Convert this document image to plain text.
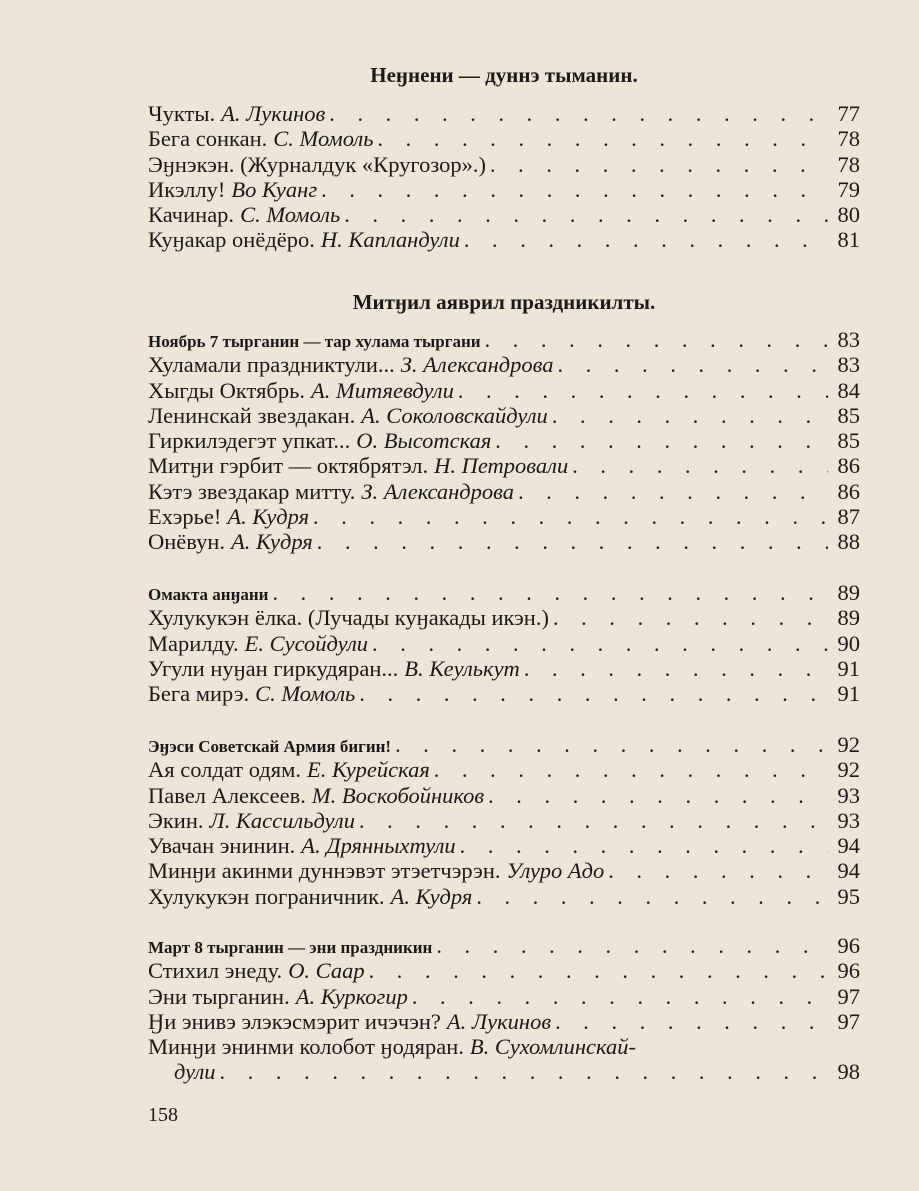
Неӈнени — дуннэ тыманин.
Чукты. А. Лукинов . . .	77
Бега сонкан. С. Момоль . . .	78
Эӈнэкэн. (Журналдук «Кругозор».) . . .	78
Икэллу! Во Куанг . . .	79
Качинар. С. Момоль . . .	80
Куӈакар онёдёро. Н. Капландули . . .	81
Митӈил аяврил праздникилты.
Ноябрь 7 тырганин — тар хулама тыргани . . .	83
Хуламали праздниктули... З. Александрова . . .	83
Хыгды Октябрь. А. Митяевдули . . .	84
Ленинскай звездакан. А. Соколовскайдули . . .	85
Гиркилэдегэт упкат... О. Высотская . . .	85
Митӈи гэрбит — октябрятэл. Н. Петровали . . .	86
Кэтэ звездакар митту. З. Александрова . . .	86
Ехэрье! А. Кудря . . .	87
Онёвун. А. Кудря . . .	88
Омакта анӈани . . .	89
Хулукукэн ёлка. (Лучады куӈакады икэн.) . . .	89
Марилду. Е. Сусойдули . . .	90
Угули нуӈан гиркудяран... В. Кеулькут . . .	91
Бега мирэ. С. Момоль . . .	91
Эӈэси Советскай Армия бигин! . . .	92
Ая солдат одям. Е. Курейская . . .	92
Павел Алексеев. М. Воскобойников . . .	93
Экин. Л. Кассильдули . . .	93
Увачан энинин. А. Дрянныхтули . . .	94
Минӈи акинми дуннэвэт этэетчэрэн. Улуро Адо . . .	94
Хулукукэн пограничник. А. Кудря . . .	95
Март 8 тырганин — эни праздникин . . .	96
Стихил энеду. О. Саар . . .	96
Эни тырганин. А. Куркогир . . .	97
Ӈи энивэ элэкэсмэрит ичэчэн? А. Лукинов . . .	97
Минӈи энинми колобот ӈодяран. В. Сухомлинскай-
дули . . .	98
158
